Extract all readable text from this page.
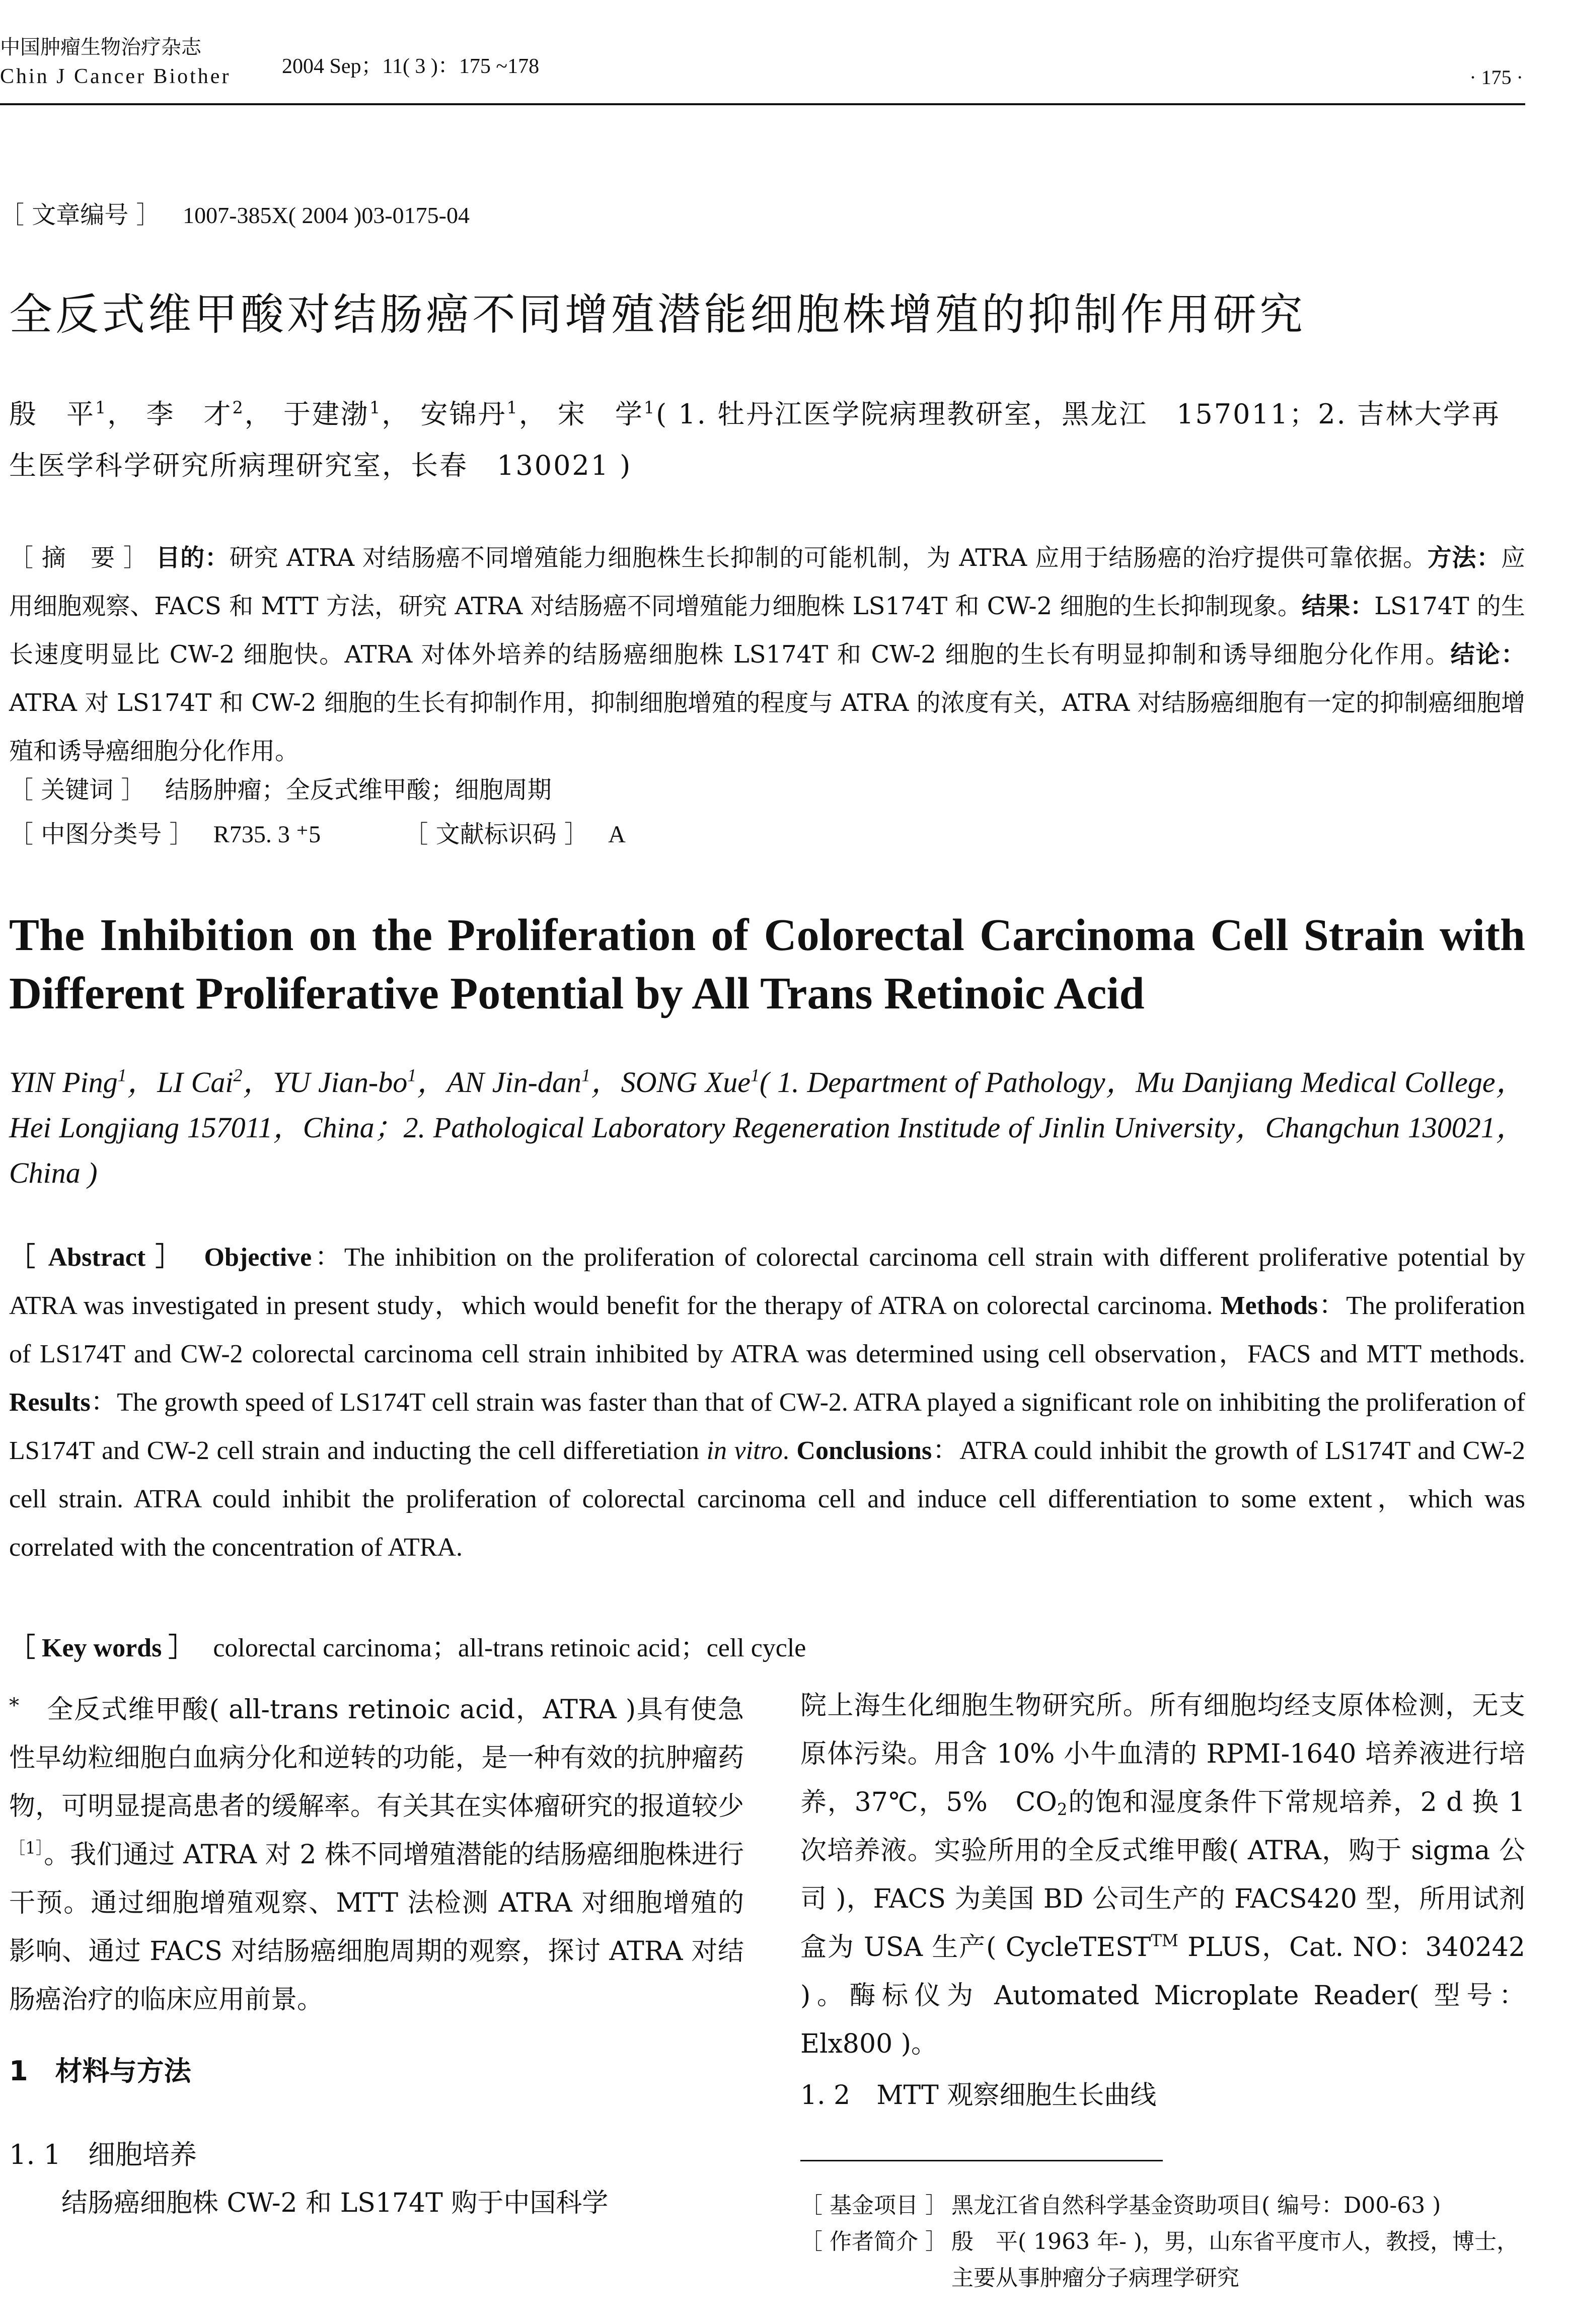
中国肿瘤生物治疗杂志
Chin J Cancer Biother 2004 Sep；11( 3 )：175 ~178	· 175 ·
［ 文章编号 ］ 1007-385X( 2004 )03-0175-04
全反式维甲酸对结肠癌不同增殖潜能细胞株增殖的抑制作用研究
殷　平$^1$， 李　才$^2$， 于建渤$^1$， 安锦丹$^1$， 宋　学$^1$( 1. 牡丹江医学院病理教研室，黑龙江　157011；2. 吉林大学再生医学科学研究所病理研究室，长春　130021 )
［ 摘　要 ］ 目的：研究 ATRA 对结肠癌不同增殖能力细胞株生长抑制的可能机制，为 ATRA 应用于结肠癌的治疗提供可靠依据。方法：应用细胞观察、FACS 和 MTT 方法，研究 ATRA 对结肠癌不同增殖能力细胞株 LS174T 和 CW-2 细胞的生长抑制现象。结果：LS174T 的生长速度明显比 CW-2 细胞快。ATRA 对体外培养的结肠癌细胞株 LS174T 和 CW-2 细胞的生长有明显抑制和诱导细胞分化作用。结论：ATRA 对 LS174T 和 CW-2 细胞的生长有抑制作用，抑制细胞增殖的程度与 ATRA 的浓度有关，ATRA 对结肠癌细胞有一定的抑制癌细胞增殖和诱导癌细胞分化作用。
［ 关键词 ］ 结肠肿瘤；全反式维甲酸；细胞周期
［ 中图分类号 ］ R735. 3 ⁺5	［ 文献标识码 ］ A
The Inhibition on the Proliferation of Colorectal Carcinoma Cell Strain with Different Proliferative Potential by All Trans Retinoic Acid
YIN Ping$^1$，LI Cai$^2$，YU Jian-$bo^1$，AN Jin-dan$^1$，SONG Xue$^1$( 1. Department of Pathology，Mu Danjiang Medical College，Hei Longjiang 157011，China；2. Pathological Laboratory Regeneration Institude of Jinlin University，Changchun 130021，China )
［ Abstract ］ Objective：The inhibition on the proliferation of colorectal carcinoma cell strain with different proliferative potential by ATRA was investigated in present study，which would benefit for the therapy of ATRA on colorectal carcinoma. Methods：The proliferation of LS174T and CW-2 colorectal carcinoma cell strain inhibited by ATRA was determined using cell observation，FACS and MTT methods. Results：The growth speed of LS174T cell strain was faster than that of CW-2. ATRA played a significant role on inhibiting the proliferation of LS174T and CW-2 cell strain and inducting the cell differetiation in vitro. Conclusions：ATRA could inhibit the growth of LS174T and CW-2 cell strain. ATRA could inhibit the proliferation of colorectal carcinoma cell and induce cell differentiation to some extent，which was correlated with the concentration of ATRA.
［ Key words ］ colorectal carcinoma；all-trans retinoic acid；cell cycle

*　全反式维甲酸( all-trans retinoic acid，ATRA )具有使急性早幼粒细胞白血病分化和逆转的功能，是一种有效的抗肿瘤药物，可明显提高患者的缓解率。有关其在实体瘤研究的报道较少$^{[1]}$。我们通过 ATRA 对 2 株不同增殖潜能的结肠癌细胞株进行干预。通过细胞增殖观察、MTT 法检测 ATRA 对细胞增殖的影响、通过 FACS 对结肠癌细胞周期的观察，探讨 ATRA 对结肠癌治疗的临床应用前景。

1　材料与方法
1. 1　细胞培养

结肠癌细胞株 CW-2 和 LS174T 购于中国科学

院上海生化细胞生物研究所。所有细胞均经支原体检测，无支原体污染。用含 10% 小牛血清的 RPMI-1640 培养液进行培养，37℃，5%　$CO_2$的饱和湿度条件下常规培养，2 d 换 1 次培养液。实验所用的全反式维甲酸( ATRA，购于 sigma 公司 )，FACS 为美国 BD 公司生产的 FACS420 型，所用试剂盒为 USA 生产( CycleTEST™ PLUS，Cat. NO：340242 )。酶标仪为 Automated Microplate Reader( 型号：Elx800 )。

1. 2　MTT 观察细胞生长曲线
［ 基金项目 ］ 黑龙江省自然科学基金资助项目( 编号：D00-63 )
［ 作者简介 ］ 殷　平( 1963 年- )，男，山东省平度市人，教授，博士，主要从事肿瘤分子病理学研究
